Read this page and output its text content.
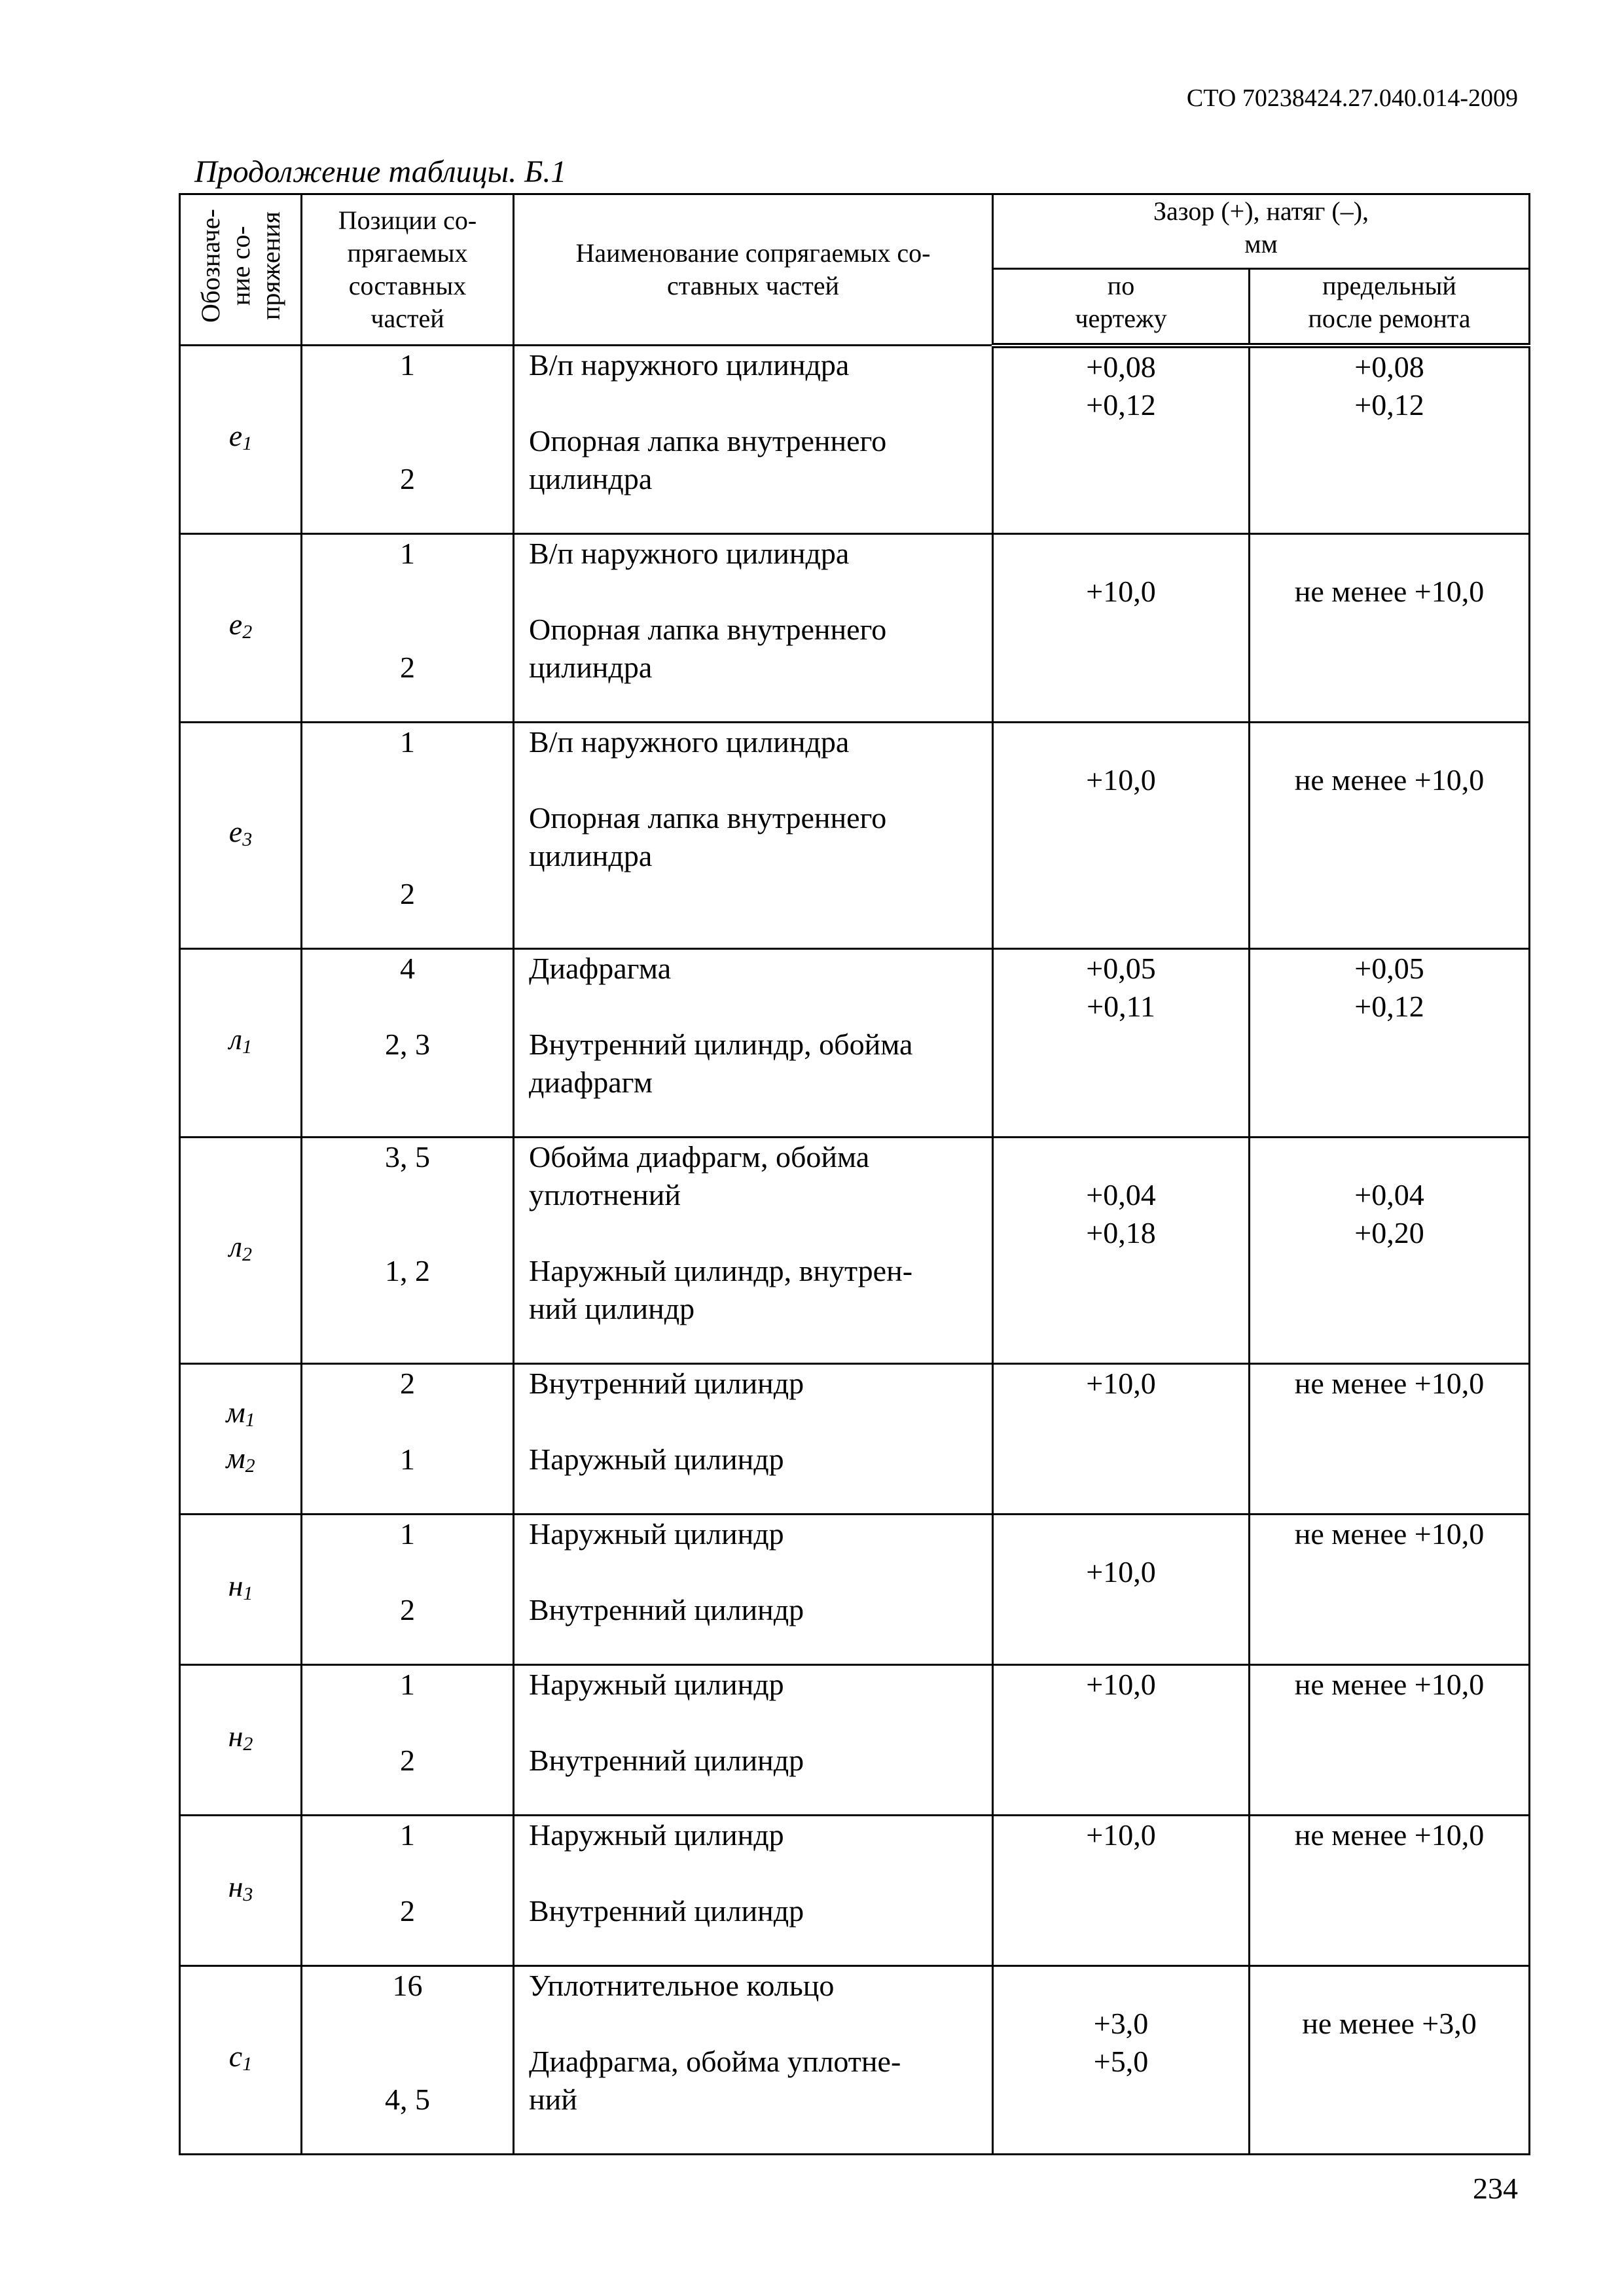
СТО 70238424.27.040.014-2009
Продолжение таблицы. Б.1
Обозначе-ние со-пряжения	Позиции со-
прягаемых
составных
частей	Наименование сопрягаемых со-
ставных частей	Зазор (+), натяг (–),
мм	

			по
чертежу	предельный
после ремонта

$е_1$	1
2	В/п наружного цилиндра
Опорная лапка внутреннего
цилиндра	+0,08
+0,12	+0,08
+0,12

$е_2$	1
2	В/п наружного цилиндра
Опорная лапка внутреннего
цилиндра	+10,0	не менее +10,0

$е_3$	1
2	В/п наружного цилиндра
Опорная лапка внутреннего
цилиндра	+10,0	не менее +10,0

$л_1$	4
2, 3	Диафрагма
Внутренний цилиндр, обойма
диафрагм	+0,05
+0,11	+0,05
+0,12

$л_2$	3, 5
1, 2	Обойма диафрагм, обойма
уплотнений
Наружный цилиндр, внутрен-
ний цилиндр	+0,04
+0,18	+0,04
+0,20

$м_1$
$м_2$	2
1	Внутренний цилиндр
Наружный цилиндр	+10,0	не менее +10,0

$н_1$	1
2	Наружный цилиндр
Внутренний цилиндр	+10,0	не менее +10,0

$н_2$	1
2	Наружный цилиндр
Внутренний цилиндр	+10,0	не менее +10,0

$н_3$	1
2	Наружный цилиндр
Внутренний цилиндр	+10,0	не менее +10,0

$с_1$	16
4, 5	Уплотнительное кольцо
Диафрагма, обойма уплотне-
ний	+3,0
+5,0	не менее +3,0
234
